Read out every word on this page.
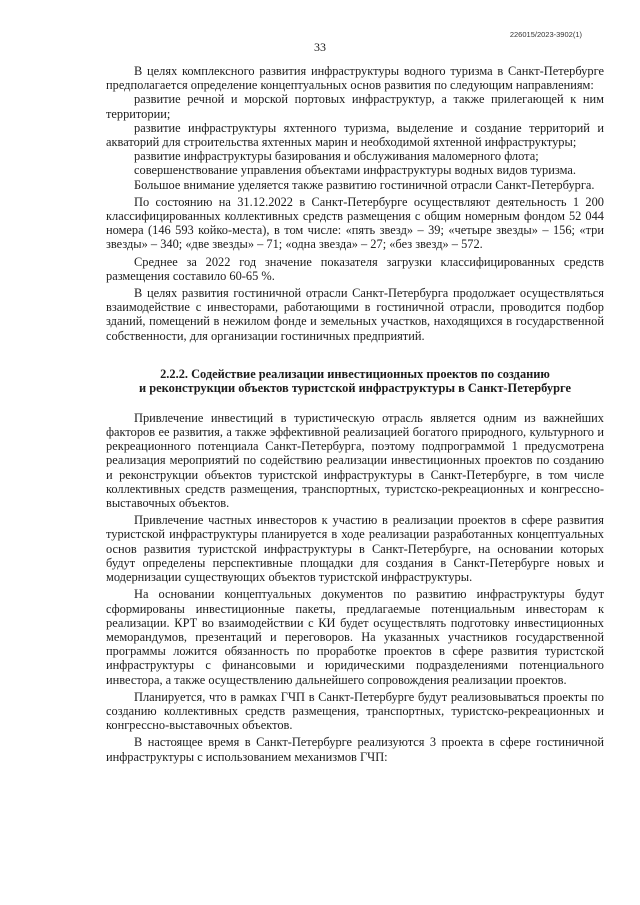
226015/2023-3902(1)
33

В целях комплексного развития инфраструктуры водного туризма в Санкт-Петербурге предполагается определение концептуальных основ развития по следующим направлениям:

развитие речной и морской портовых инфраструктур, а также прилегающей к ним территории;

развитие инфраструктуры яхтенного туризма, выделение и создание территорий и акваторий для строительства яхтенных марин и необходимой яхтенной инфраструктуры;

развитие инфраструктуры базирования и обслуживания маломерного флота;

совершенствование управления объектами инфраструктуры водных видов туризма.

Большое внимание уделяется также развитию гостиничной отрасли Санкт-Петербурга.

По состоянию на 31.12.2022 в Санкт-Петербурге осуществляют деятельность 1 200 классифицированных коллективных средств размещения с общим номерным фондом 52 044 номера (146 593 койко-места), в том числе: «пять звезд» – 39; «четыре звезды» – 156; «три звезды» – 340; «две звезды» – 71; «одна звезда» – 27; «без звезд» – 572.

Среднее за 2022 год значение показателя загрузки классифицированных средств размещения составило 60-65 %.

В целях развития гостиничной отрасли Санкт-Петербурга продолжает осуществляться взаимодействие с инвесторами, работающими в гостиничной отрасли, проводится подбор зданий, помещений в нежилом фонде и земельных участков, находящихся в государственной собственности, для организации гостиничных предприятий.

2.2.2. Содействие реализации инвестиционных проектов по созданию
и реконструкции объектов туристской инфраструктуры в Санкт-Петербурге

Привлечение инвестиций в туристическую отрасль является одним из важнейших факторов ее развития, а также эффективной реализацией богатого природного, культурного и рекреационного потенциала Санкт-Петербурга, поэтому подпрограммой 1 предусмотрена реализация мероприятий по содействию реализации инвестиционных проектов по созданию и реконструкции объектов туристской инфраструктуры в Санкт-Петербурге, в том числе коллективных средств размещения, транспортных, туристско-рекреационных и конгрессно-выставочных объектов.

Привлечение частных инвесторов к участию в реализации проектов в сфере развития туристской инфраструктуры планируется в ходе реализации разработанных концептуальных основ развития туристской инфраструктуры в Санкт-Петербурге, на основании которых будут определены перспективные площадки для создания в Санкт-Петербурге новых и модернизации существующих объектов туристской инфраструктуры.

На основании концептуальных документов по развитию инфраструктуры будут сформированы инвестиционные пакеты, предлагаемые потенциальным инвесторам к реализации. КРТ во взаимодействии с КИ будет осуществлять подготовку инвестиционных меморандумов, презентаций и переговоров. На указанных участников государственной программы ложится обязанность по проработке проектов в сфере развития туристской инфраструктуры с финансовыми и юридическими подразделениями потенциального инвестора, а также осуществлению дальнейшего сопровождения реализации проектов.

Планируется, что в рамках ГЧП в Санкт-Петербурге будут реализовываться проекты по созданию коллективных средств размещения, транспортных, туристско-рекреационных и конгрессно-выставочных объектов.

В настоящее время в Санкт-Петербурге реализуются 3 проекта в сфере гостиничной инфраструктуры с использованием механизмов ГЧП:
